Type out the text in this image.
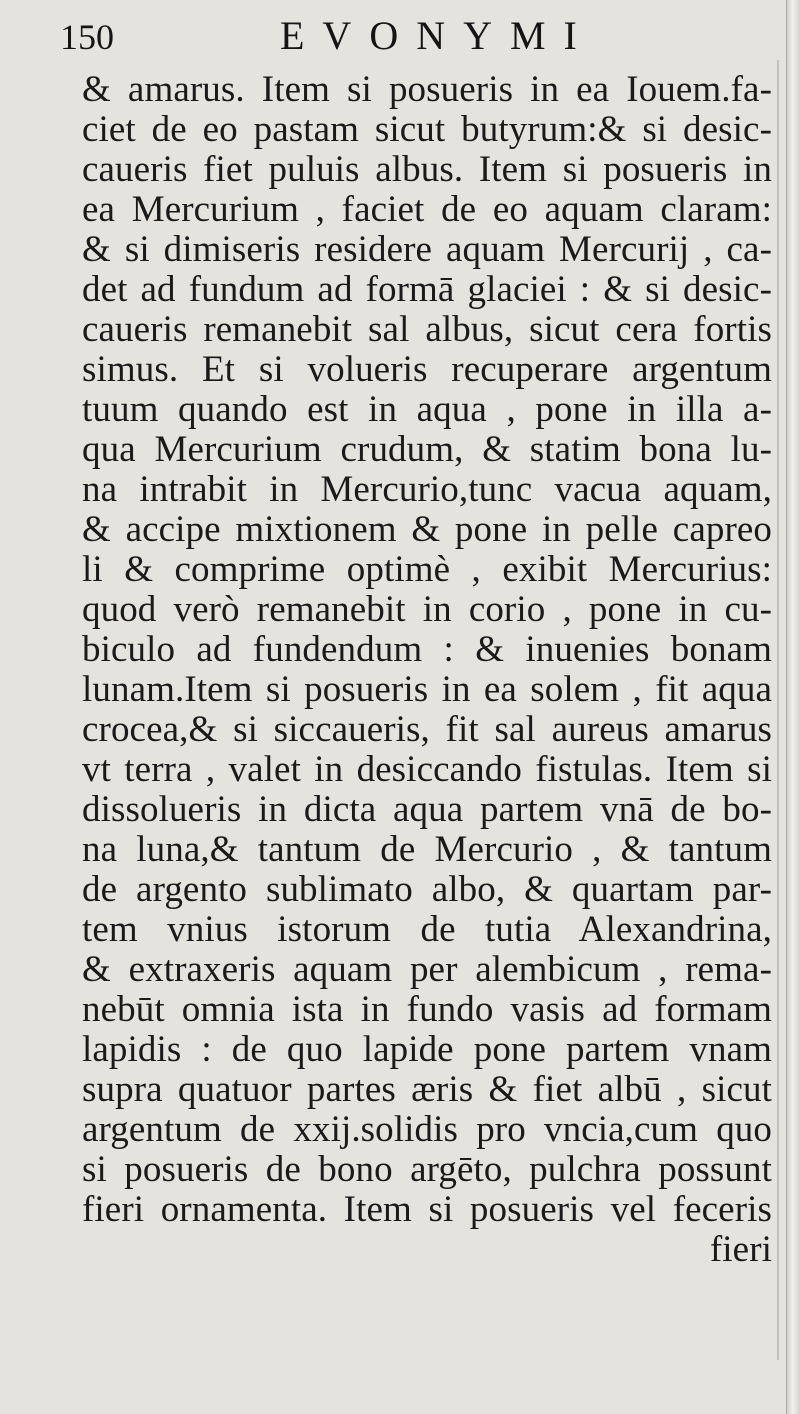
150	EVONYMI
& amarus. Item si posueris in ea Iouem.fa-
ciet de eo pastam sicut butyrum:& si desic-
caueris fiet puluis albus. Item si posueris in
ea Mercurium , faciet de eo aquam claram:
& si dimiseris residere aquam Mercurij , ca-
det ad fundum ad formā glaciei : & si desic-
caueris remanebit sal albus, sicut cera fortis
simus. Et si volueris recuperare argentum
tuum quando est in aqua , pone in illa a-
qua Mercurium crudum, & statim bona lu-
na intrabit in Mercurio,tunc vacua aquam,
& accipe mixtionem & pone in pelle capreo
li & comprime optimè , exibit Mercurius:
quod verò remanebit in corio , pone in cu-
biculo ad fundendum : & inuenies bonam
lunam.Item si posueris in ea solem , fit aqua
crocea,& si siccaueris, fit sal aureus amarus
vt terra , valet in desiccando fistulas. Item si
dissolueris in dicta aqua partem vnā de bo-
na luna,& tantum de Mercurio , & tantum
de argento sublimato albo, & quartam par-
tem vnius istorum de tutia Alexandrina,
& extraxeris aquam per alembicum , rema-
nebūt omnia ista in fundo vasis ad formam
lapidis : de quo lapide pone partem vnam
supra quatuor partes æris & fiet albū , sicut
argentum de xxij.solidis pro vncia,cum quo
si posueris de bono argēto, pulchra possunt
fieri ornamenta. Item si posueris vel feceris
fieri
